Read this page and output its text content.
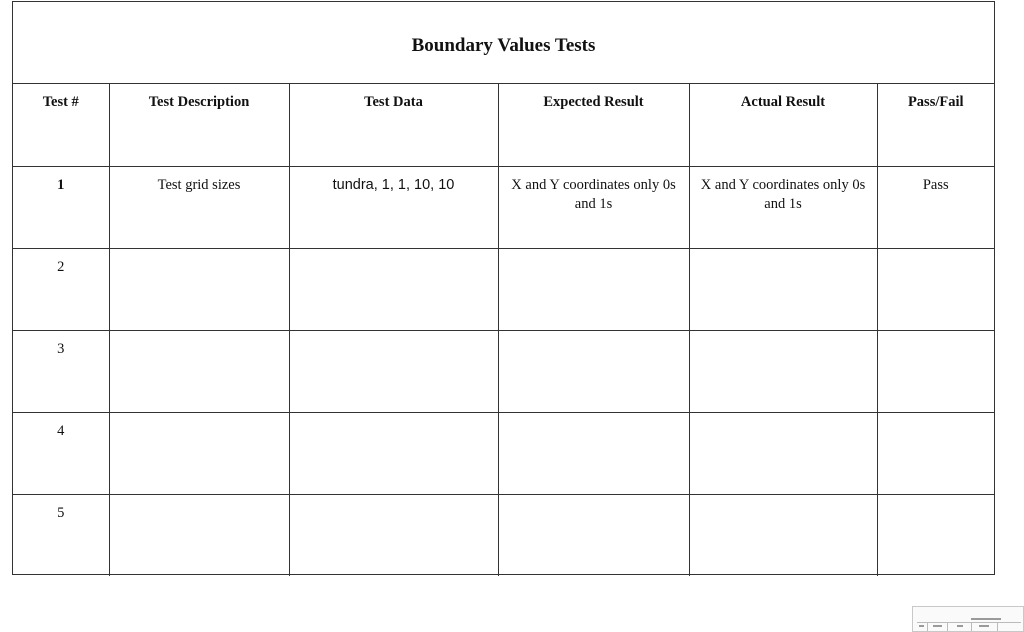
Boundary Values Tests
Test #	Test Description	Test Data	Expected Result	Actual Result	Pass/Fail
1	Test grid sizes	tundra, 1, 1, 10, 10	X and Y coordinates only 0s and 1s	X and Y coordinates only 0s and 1s	Pass
2					
3					
4					
5					
